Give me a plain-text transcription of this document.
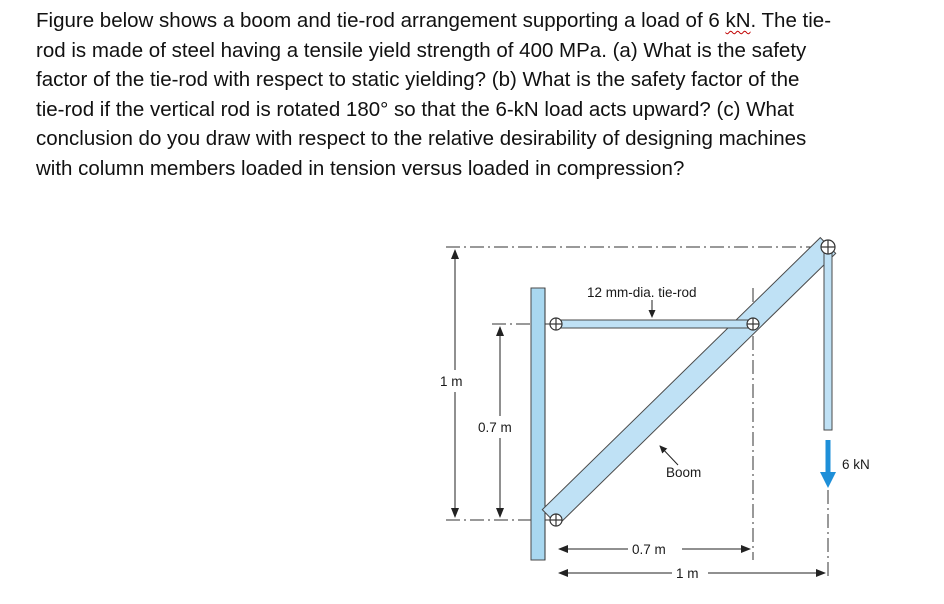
Figure below shows a boom and tie-rod arrangement supporting a load of 6 kN. The tie-
rod is made of steel having a tensile yield strength of 400 MPa. (a) What is the safety
factor of the tie-rod with respect to static yielding? (b) What is the safety factor of the
tie-rod if the vertical rod is rotated 180° so that the 6-kN load acts upward? (c) What
conclusion do you draw with respect to the relative desirability of designing machines
with column members loaded in tension versus loaded in compression?
12 mm-dia. tie-rod
Boom
6 kN
1 m
0.7 m
0.7 m
1 m
